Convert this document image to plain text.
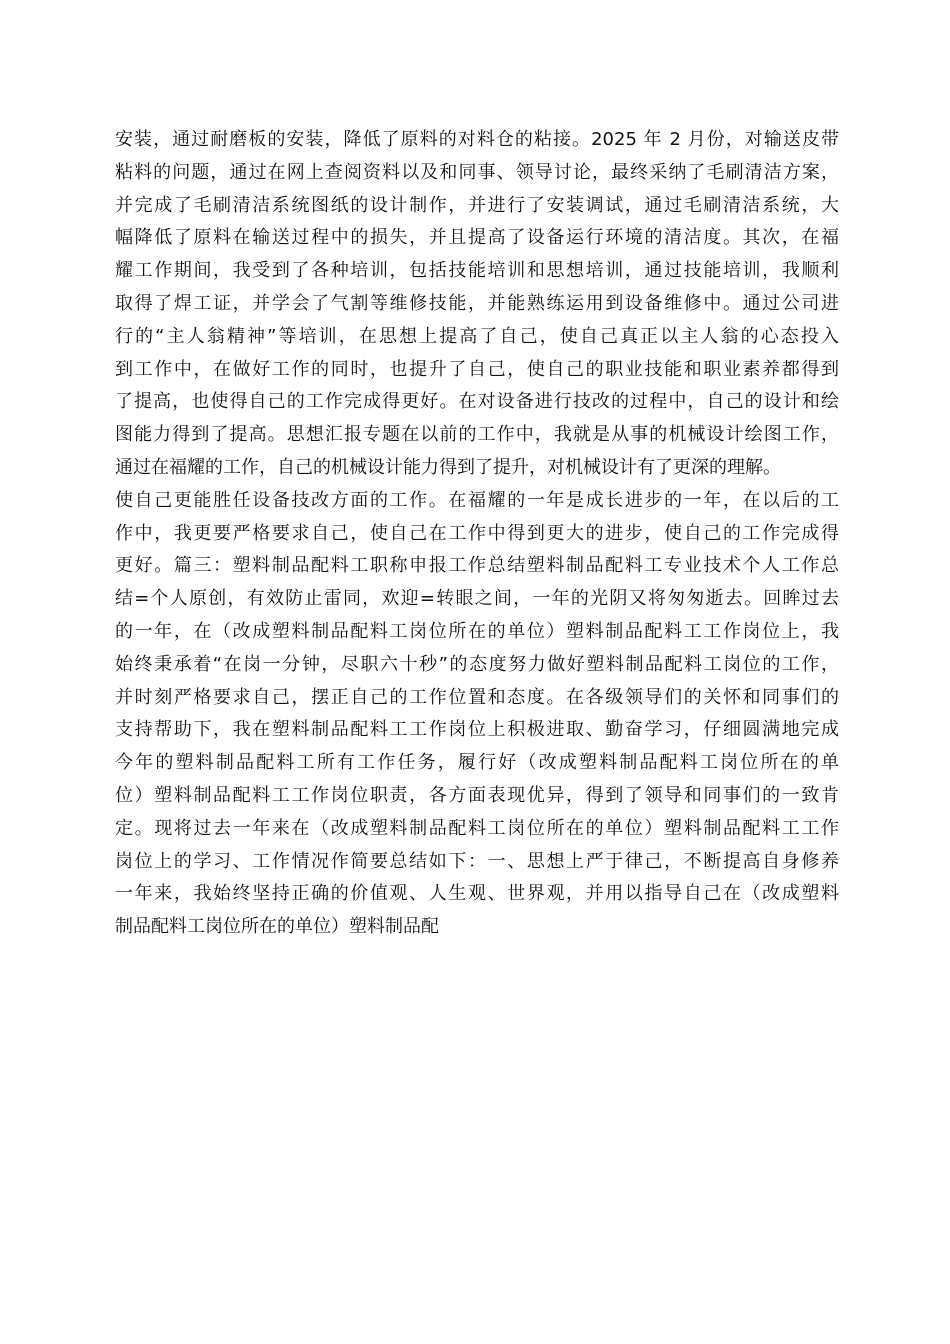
安装，通过耐磨板的安装，降低了原料的对料仓的粘接。2025 年 2 月份，对输送皮带
粘料的问题，通过在网上查阅资料以及和同事、领导讨论，最终采纳了毛刷清洁方案，
并完成了毛刷清洁系统图纸的设计制作，并进行了安装调试，通过毛刷清洁系统，大
幅降低了原料在输送过程中的损失，并且提高了设备运行环境的清洁度。其次，在福
耀工作期间，我受到了各种培训，包括技能培训和思想培训，通过技能培训，我顺利
取得了焊工证，并学会了气割等维修技能，并能熟练运用到设备维修中。通过公司进
行的“主人翁精神”等培训，在思想上提高了自己，使自己真正以主人翁的心态投入
到工作中，在做好工作的同时，也提升了自己，使自己的职业技能和职业素养都得到
了提高，也使得自己的工作完成得更好。在对设备进行技改的过程中，自己的设计和绘
图能力得到了提高。思想汇报专题在以前的工作中，我就是从事的机械设计绘图工作，
通过在福耀的工作，自己的机械设计能力得到了提升，对机械设计有了更深的理解。
使自己更能胜任设备技改方面的工作。在福耀的一年是成长进步的一年，在以后的工
作中，我更要严格要求自己，使自己在工作中得到更大的进步，使自己的工作完成得
更好。篇三：塑料制品配料工职称申报工作总结塑料制品配料工专业技术个人工作总
结=个人原创，有效防止雷同，欢迎=转眼之间，一年的光阴又将匆匆逝去。回眸过去
的一年，在（改成塑料制品配料工岗位所在的单位）塑料制品配料工工作岗位上，我
始终秉承着“在岗一分钟，尽职六十秒”的态度努力做好塑料制品配料工岗位的工作，
并时刻严格要求自己，摆正自己的工作位置和态度。在各级领导们的关怀和同事们的
支持帮助下，我在塑料制品配料工工作岗位上积极进取、勤奋学习，仔细圆满地完成
今年的塑料制品配料工所有工作任务，履行好（改成塑料制品配料工岗位所在的单
位）塑料制品配料工工作岗位职责，各方面表现优异，得到了领导和同事们的一致肯
定。现将过去一年来在（改成塑料制品配料工岗位所在的单位）塑料制品配料工工作
岗位上的学习、工作情况作简要总结如下：一、思想上严于律己，不断提高自身修养
一年来，我始终坚持正确的价值观、人生观、世界观，并用以指导自己在（改成塑料
制品配料工岗位所在的单位）塑料制品配
